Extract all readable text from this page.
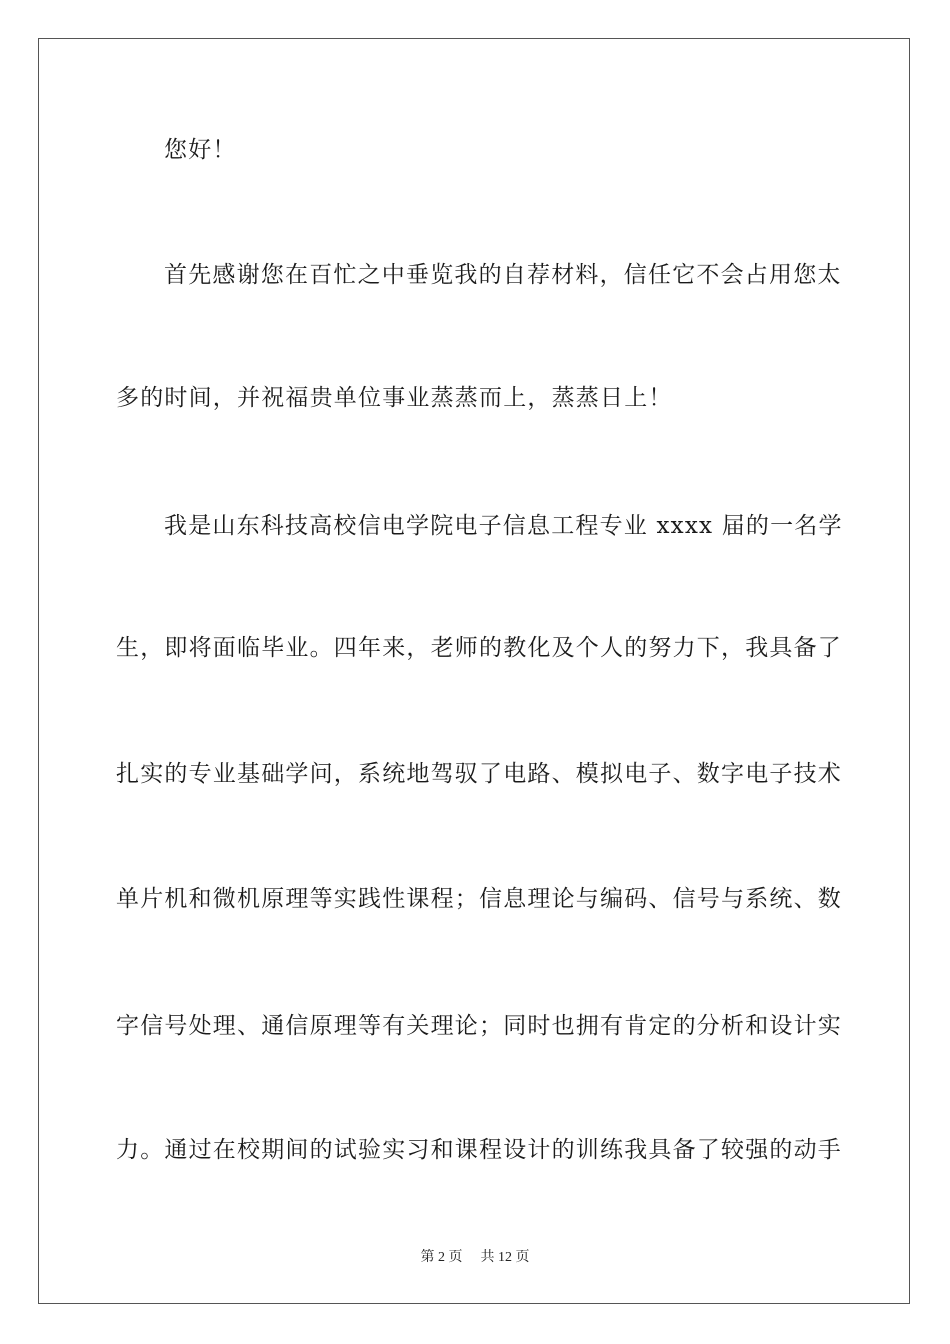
您好！
首先感谢您在百忙之中垂览我的自荐材料，信任它不会占用您太
多的时间，并祝福贵单位事业蒸蒸而上，蒸蒸日上！
我是山东科技高校信电学院电子信息工程专业 xxxx 届的一名学
生，即将面临毕业。四年来，老师的教化及个人的努力下，我具备了
扎实的专业基础学问，系统地驾驭了电路、模拟电子、数字电子技术
单片机和微机原理等实践性课程；信息理论与编码、信号与系统、数
字信号处理、通信原理等有关理论；同时也拥有肯定的分析和设计实
力。通过在校期间的试验实习和课程设计的训练我具备了较强的动手
第 2 页 共 12 页
